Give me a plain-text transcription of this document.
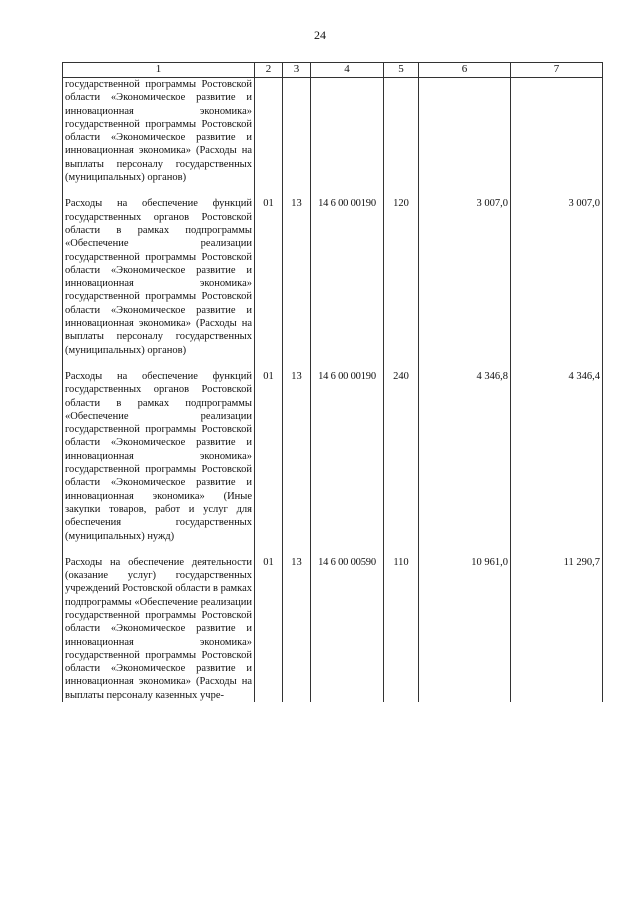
24
1	2	3	4	5	6	7
государственной программы Ростовской области «Экономическое развитие и инновационная экономика» государственной программы Ростовской области «Экономическое развитие и инновационная экономика» (Расходы на выплаты персоналу государственных (муниципальных) органов)						

Расходы на обеспечение функций государственных органов Ростовской области в рамках подпрограммы «Обеспечение реализации государственной программы Ростовской области «Экономическое развитие и инновационная экономика» государственной программы Ростовской области «Экономическое развитие и инновационная экономика» (Расходы на выплаты персоналу государственных (муниципальных) органов)	01	13	14 6 00 00190	120	3 007,0	3 007,0

Расходы на обеспечение функций государственных органов Ростовской области в рамках подпрограммы «Обеспечение реализации государственной программы Ростовской области «Экономическое развитие и инновационная экономика» государственной программы Ростовской области «Экономическое развитие и инновационная экономика» (Иные закупки товаров, работ и услуг для обеспечения государственных (муниципальных) нужд)	01	13	14 6 00 00190	240	4 346,8	4 346,4

Расходы на обеспечение деятельности (оказание услуг) государственных учреждений Ростовской области в рамках подпрограммы «Обеспечение реализации государственной программы Ростовской области «Экономическое развитие и инновационная экономика» государственной программы Ростовской области «Экономическое развитие и инновационная экономика» (Расходы на выплаты персоналу казенных учре-	01	13	14 6 00 00590	110	10 961,0	11 290,7
